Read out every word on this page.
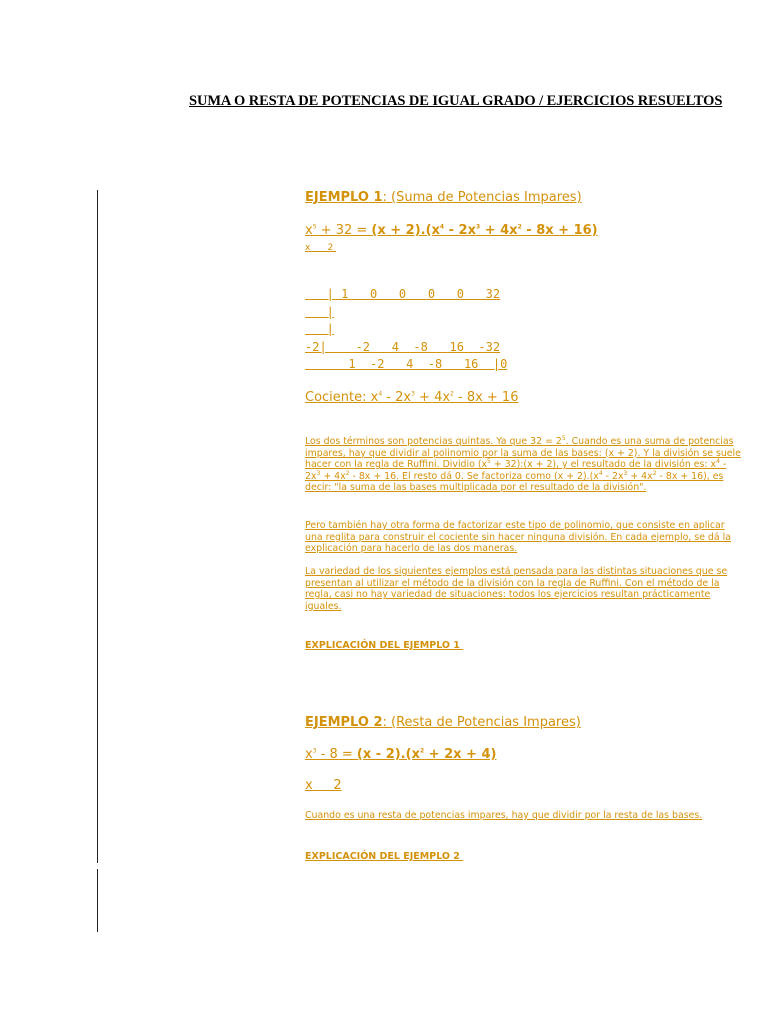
SUMA O RESTA DE POTENCIAS DE IGUAL GRADO / EJERCICIOS RESUELTOS
EJEMPLO 1: (Suma de Potencias Impares)
$x^5 + 32 = (x + 2).(x^4 - 2x^3 + 4x^2 - 8x + 16)$
x      2
| 1   0   0   0   0   32
|
|
-2|    -2   4  -8   16  -32
1  -2   4  -8   16  |0
Cociente: $x^4 - 2x^3 + 4x^2 - 8x + 16$
Los dos términos son potencias quintas. Ya que $32 = 2^5$. Cuando es una suma de potencias impares, hay que dividir al polinomio por la suma de las bases: (x + 2). Y la división se suele hacer con la regla de Ruffini. Dividio ($x^5$ + 32):(x + 2), y el resultado de la división es: $x^4 - 2x^3 + 4x^2 - 8x + 16$. El resto dá 0. Se factoriza como $(x + 2).(x^4 - 2x^3 + 4x^2 - 8x + 16)$, es decir: "la suma de las bases multiplicada por el resultado de la división".
Pero también hay otra forma de factorizar este tipo de polinomio, que consiste en aplicar una reglita para construir el cociente sin hacer ninguna división. En cada ejemplo, se dá la explicación para hacerlo de las dos maneras.
La variedad de los siguientes ejemplos está pensada para las distintas situaciones que se presentan al utilizar el método de la división con la regla de Ruffini. Con el método de la regla, casi no hay variedad de situaciones: todos los ejercicios resultan prácticamente iguales.
EXPLICACIÓN DEL EJEMPLO 1
EJEMPLO 2: (Resta de Potencias Impares)
$x^3 - 8 = (x - 2).(x^2 + 2x + 4)$
x     2
Cuando es una resta de potencias impares, hay que dividir por la resta de las bases.
EXPLICACIÓN DEL EJEMPLO 2
